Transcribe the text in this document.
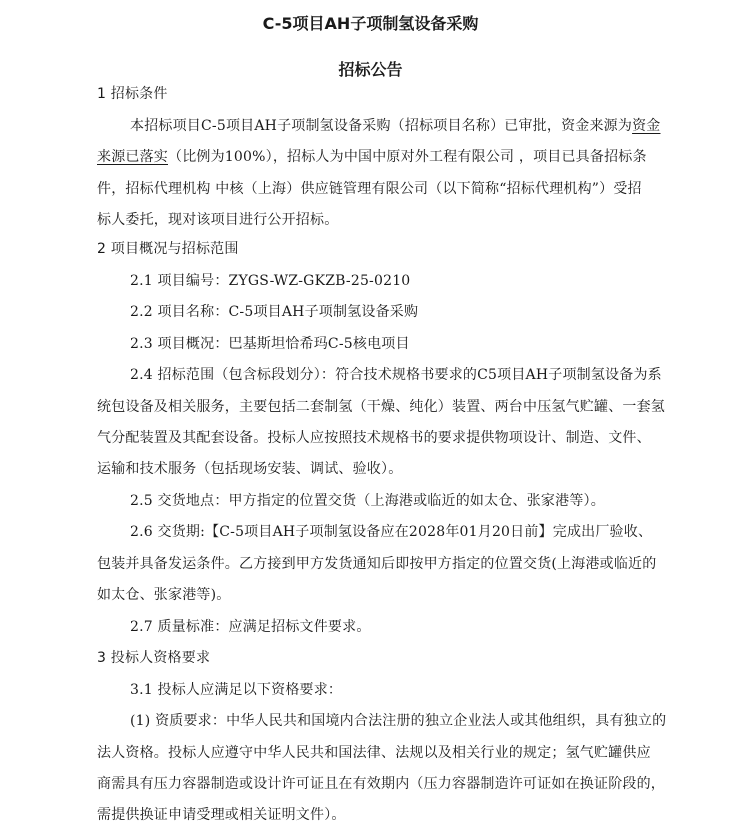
C-5项目AH子项制氢设备采购
招标公告
1 招标条件
本招标项目C-5项目AH子项制氢设备采购（招标项目名称）已审批，资金来源为资金
来源已落实（比例为100%），招标人为中国中原对外工程有限公司 ，项目已具备招标条
件，招标代理机构 中核（上海）供应链管理有限公司（以下简称“招标代理机构”）受招
标人委托，现对该项目进行公开招标。
2 项目概况与招标范围
2.1 项目编号：ZYGS-WZ-GKZB-25-0210
2.2 项目名称：C-5项目AH子项制氢设备采购
2.3 项目概况：巴基斯坦恰希玛C-5核电项目
2.4 招标范围（包含标段划分）：符合技术规格书要求的C5项目AH子项制氢设备为系
统包设备及相关服务，主要包括二套制氢（干燥、纯化）装置、两台中压氢气贮罐、一套氢
气分配装置及其配套设备。投标人应按照技术规格书的要求提供物项设计、制造、文件、
运输和技术服务（包括现场安装、调试、验收）。
2.5 交货地点：甲方指定的位置交货（上海港或临近的如太仓、张家港等）。
2.6 交货期:【C-5项目AH子项制氢设备应在2028年01月20日前】完成出厂验收、
包装并具备发运条件。乙方接到甲方发货通知后即按甲方指定的位置交货(上海港或临近的
如太仓、张家港等)。
2.7 质量标准：应满足招标文件要求。
3 投标人资格要求
3.1 投标人应满足以下资格要求：
(1) 资质要求：中华人民共和国境内合法注册的独立企业法人或其他组织，具有独立的
法人资格。投标人应遵守中华人民共和国法律、法规以及相关行业的规定；氢气贮罐供应
商需具有压力容器制造或设计许可证且在有效期内（压力容器制造许可证如在换证阶段的，
需提供换证申请受理或相关证明文件）。
